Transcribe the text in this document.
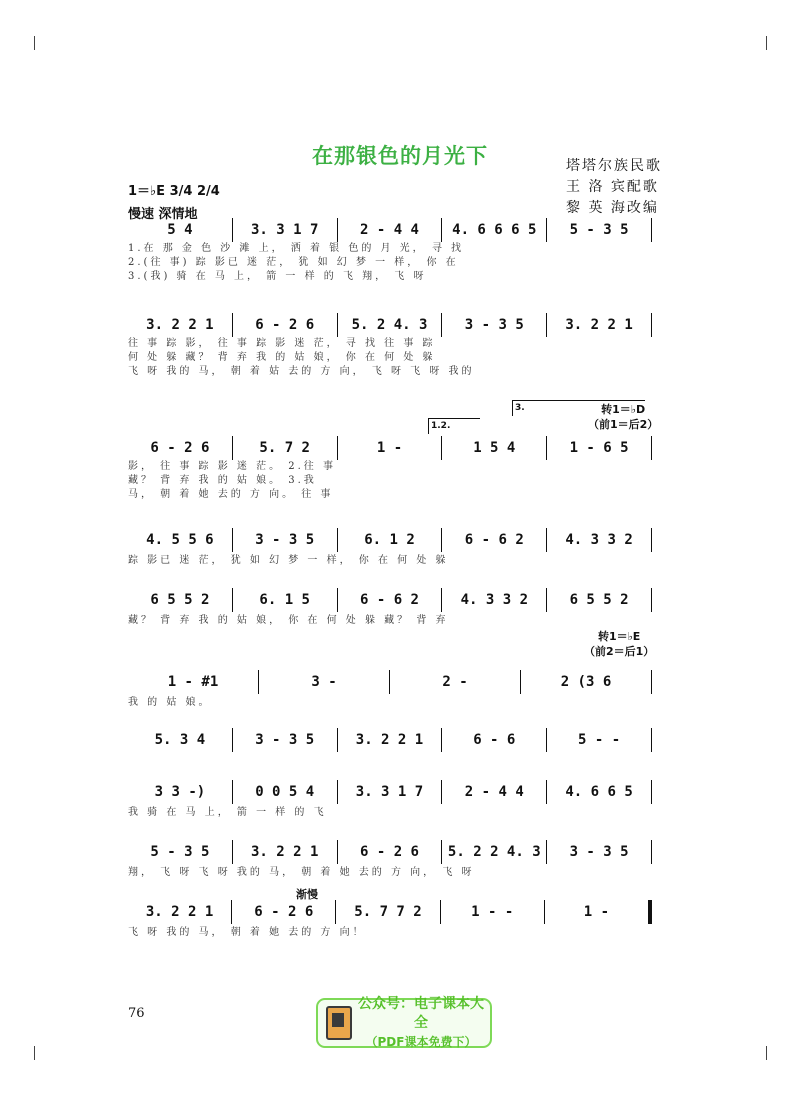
在那银色的月光下	塔塔尔族民歌
王 洛 宾配歌
黎 英 海改编
1＝♭E 3/4 2/4
慢速 深情地
转1＝♭D
（前1＝后2）
1.2.
3.
转1＝♭E
（前2＝后1）
渐慢
5 4	3. 3 1 7	2 - 4 4	4. 6 6 6 5	5 - 3 5
1.在 那 金 色 沙 滩 上， 洒 着 银 色的 月 光， 寻 找
2.(往 事) 踪 影已 迷 茫， 犹 如 幻 梦 一 样， 你 在
3.(我) 骑 在 马 上， 箭 一 样 的 飞 翔， 飞 呀
3. 2 2 1	6 - 2 6	5. 2 4. 3	3 - 3 5	3. 2 2 1
往 事 踪 影， 往 事 踪 影 迷 茫， 寻 找 往 事 踪
何 处 躲 藏？ 背 弃 我 的 姑 娘， 你 在 何 处 躲
飞 呀 我的 马， 朝 着 姑 去的 方 向， 飞 呀 飞 呀 我的
6 - 2 6	5. 7 2	1 -	1 5 4	1 - 6 5
影， 往 事 踪 影 迷 茫。 2.往 事
藏？ 背 弃 我 的 姑 娘。 3.我
马， 朝 着 她 去的 方 向。 往 事
4. 5 5 6	3 - 3 5	6. 1 2	6 - 6 2	4. 3 3 2
踪 影已 迷 茫， 犹 如 幻 梦 一 样， 你 在 何 处 躲
6 5 5 2	6. 1 5	6 - 6 2	4. 3 3 2	6 5 5 2
藏？ 背 弃 我 的 姑 娘， 你 在 何 处 躲 藏？ 背 弃
1 - #1	3 -	2 -	2 (3 6
我 的 姑 娘。
5. 3 4	3 - 3 5	3. 2 2 1	6 - 6	5 - -
3 3 -)	0 0 5 4	3. 3 1 7	2 - 4 4	4. 6 6 5
我 骑 在 马 上， 箭 一 样 的 飞
5 - 3 5	3. 2 2 1	6 - 2 6	5. 2 2 4. 3	3 - 3 5
翔， 飞 呀 飞 呀 我的 马， 朝 着 她 去的 方 向， 飞 呀
3. 2 2 1	6 - 2 6	5. 7 7 2	1 - -	1 -
飞 呀 我的 马， 朝 着 她 去的 方 向！
76
公众号：电子课本大全
（PDF课本免费下）
